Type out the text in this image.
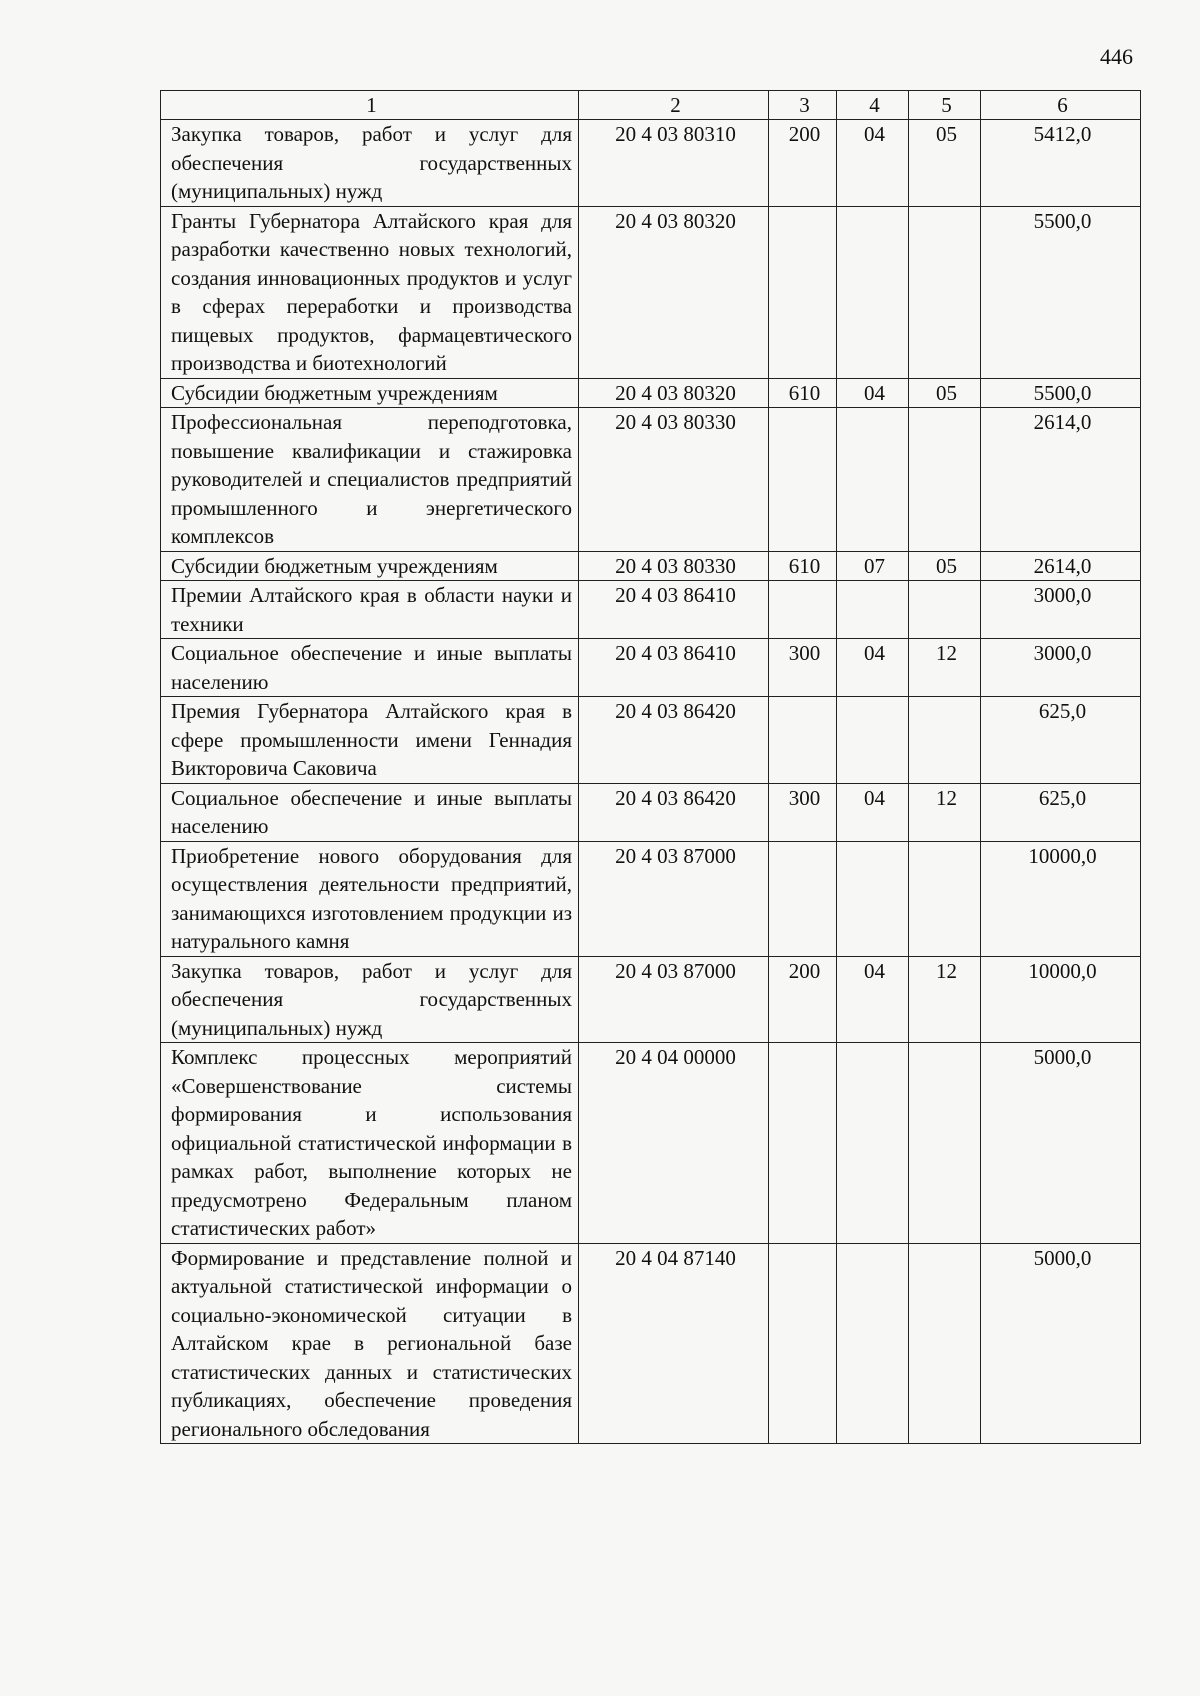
446
1	2	3	4	5	6
Закупка товаров, работ и услуг для обеспечения государственных (муниципальных) нужд	20 4 03 80310	200	04	05	5412,0
Гранты Губернатора Алтайского края для разработки качественно новых технологий, создания инновационных продуктов и услуг в сферах переработки и производства пищевых продуктов, фармацевтического производства и биотехнологий	20 4 03 80320				5500,0
Субсидии бюджетным учреждениям	20 4 03 80320	610	04	05	5500,0
Профессиональная переподготовка, повышение квалификации и стажировка руководителей и специалистов предприятий промышленного и энергетического комплексов	20 4 03 80330				2614,0
Субсидии бюджетным учреждениям	20 4 03 80330	610	07	05	2614,0
Премии Алтайского края в области науки и техники	20 4 03 86410				3000,0
Социальное обеспечение и иные выплаты населению	20 4 03 86410	300	04	12	3000,0
Премия Губернатора Алтайского края в сфере промышленности имени Геннадия Викторовича Саковича	20 4 03 86420				625,0
Социальное обеспечение и иные выплаты населению	20 4 03 86420	300	04	12	625,0
Приобретение нового оборудования для осуществления деятельности предприятий, занимающихся изготовлением продукции из натурального камня	20 4 03 87000				10000,0
Закупка товаров, работ и услуг для обеспечения государственных (муниципальных) нужд	20 4 03 87000	200	04	12	10000,0
Комплекс процессных мероприятий «Совершенствование системы формирования и использования официальной статистической информации в рамках работ, выполнение которых не предусмотрено Федеральным планом статистических работ»	20 4 04 00000				5000,0
Формирование и представление полной и актуальной статистической информации о социально-экономической ситуации в Алтайском крае в региональной базе статистических данных и статистических публикациях, обеспечение проведения регионального обследования	20 4 04 87140				5000,0
